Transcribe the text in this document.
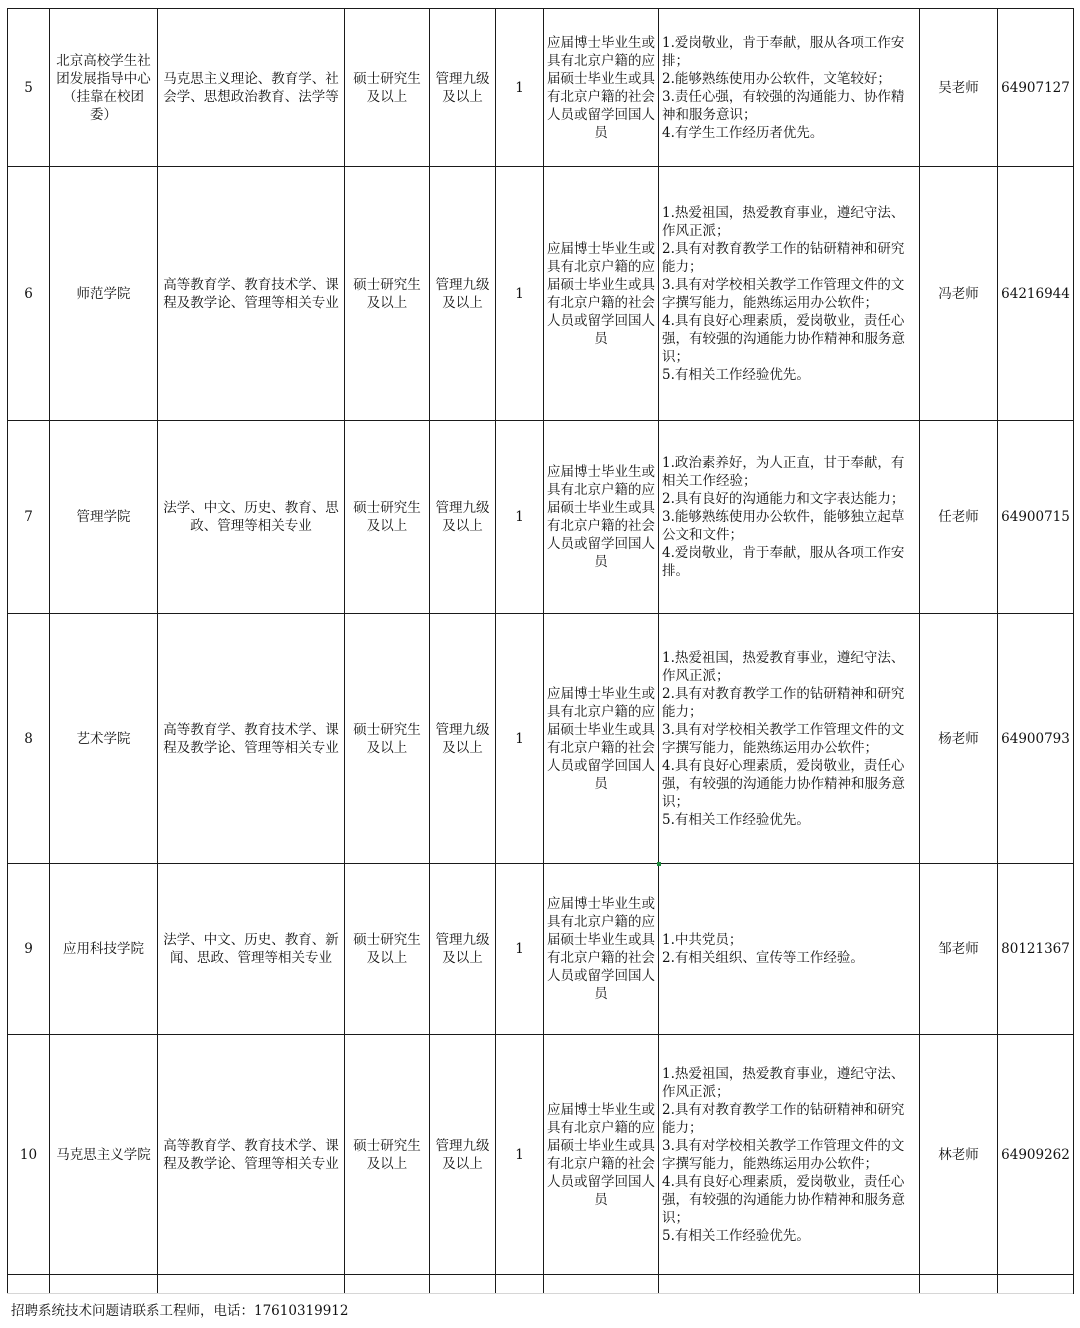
5	北京高校学生社团发展指导中心（挂靠在校团委）	马克思主义理论、教育学、社会学、思想政治教育、法学等	硕士研究生及以上	管理九级及以上	1	应届博士毕业生或具有北京户籍的应届硕士毕业生或具有北京户籍的社会人员或留学回国人员	1.爱岗敬业，肯于奉献，服从各项工作安排；
2.能够熟练使用办公软件，文笔较好；
3.责任心强，有较强的沟通能力、协作精神和服务意识；
4.有学生工作经历者优先。	吴老师	64907127
6	师范学院	高等教育学、教育技术学、课程及教学论、管理等相关专业	硕士研究生及以上	管理九级及以上	1	应届博士毕业生或具有北京户籍的应届硕士毕业生或具有北京户籍的社会人员或留学回国人员	1.热爱祖国，热爱教育事业，遵纪守法、作风正派；
2.具有对教育教学工作的钻研精神和研究能力；
3.具有对学校相关教学工作管理文件的文字撰写能力，能熟练运用办公软件；
4.具有良好心理素质，爱岗敬业，责任心强，有较强的沟通能力协作精神和服务意识；
5.有相关工作经验优先。	冯老师	64216944
7	管理学院	法学、中文、历史、教育、思政、管理等相关专业	硕士研究生及以上	管理九级及以上	1	应届博士毕业生或具有北京户籍的应届硕士毕业生或具有北京户籍的社会人员或留学回国人员	1.政治素养好，为人正直，甘于奉献，有相关工作经验；
2.具有良好的沟通能力和文字表达能力；
3.能够熟练使用办公软件，能够独立起草公文和文件；
4.爱岗敬业，肯于奉献，服从各项工作安排。	任老师	64900715
8	艺术学院	高等教育学、教育技术学、课程及教学论、管理等相关专业	硕士研究生及以上	管理九级及以上	1	应届博士毕业生或具有北京户籍的应届硕士毕业生或具有北京户籍的社会人员或留学回国人员	1.热爱祖国，热爱教育事业，遵纪守法、作风正派；
2.具有对教育教学工作的钻研精神和研究能力；
3.具有对学校相关教学工作管理文件的文字撰写能力，能熟练运用办公软件；
4.具有良好心理素质，爱岗敬业，责任心强，有较强的沟通能力协作精神和服务意识；
5.有相关工作经验优先。	杨老师	64900793
9	应用科技学院	法学、中文、历史、教育、新闻、思政、管理等相关专业	硕士研究生及以上	管理九级及以上	1	应届博士毕业生或具有北京户籍的应届硕士毕业生或具有北京户籍的社会人员或留学回国人员	1.中共党员；
2.有相关组织、宣传等工作经验。	邹老师	80121367
10	马克思主义学院	高等教育学、教育技术学、课程及教学论、管理等相关专业	硕士研究生及以上	管理九级及以上	1	应届博士毕业生或具有北京户籍的应届硕士毕业生或具有北京户籍的社会人员或留学回国人员	1.热爱祖国，热爱教育事业，遵纪守法、作风正派；
2.具有对教育教学工作的钻研精神和研究能力；
3.具有对学校相关教学工作管理文件的文字撰写能力，能熟练运用办公软件；
4.具有良好心理素质，爱岗敬业，责任心强，有较强的沟通能力协作精神和服务意识；
5.有相关工作经验优先。	林老师	64909262

招聘系统技术问题请联系工程师，电话：17610319912
